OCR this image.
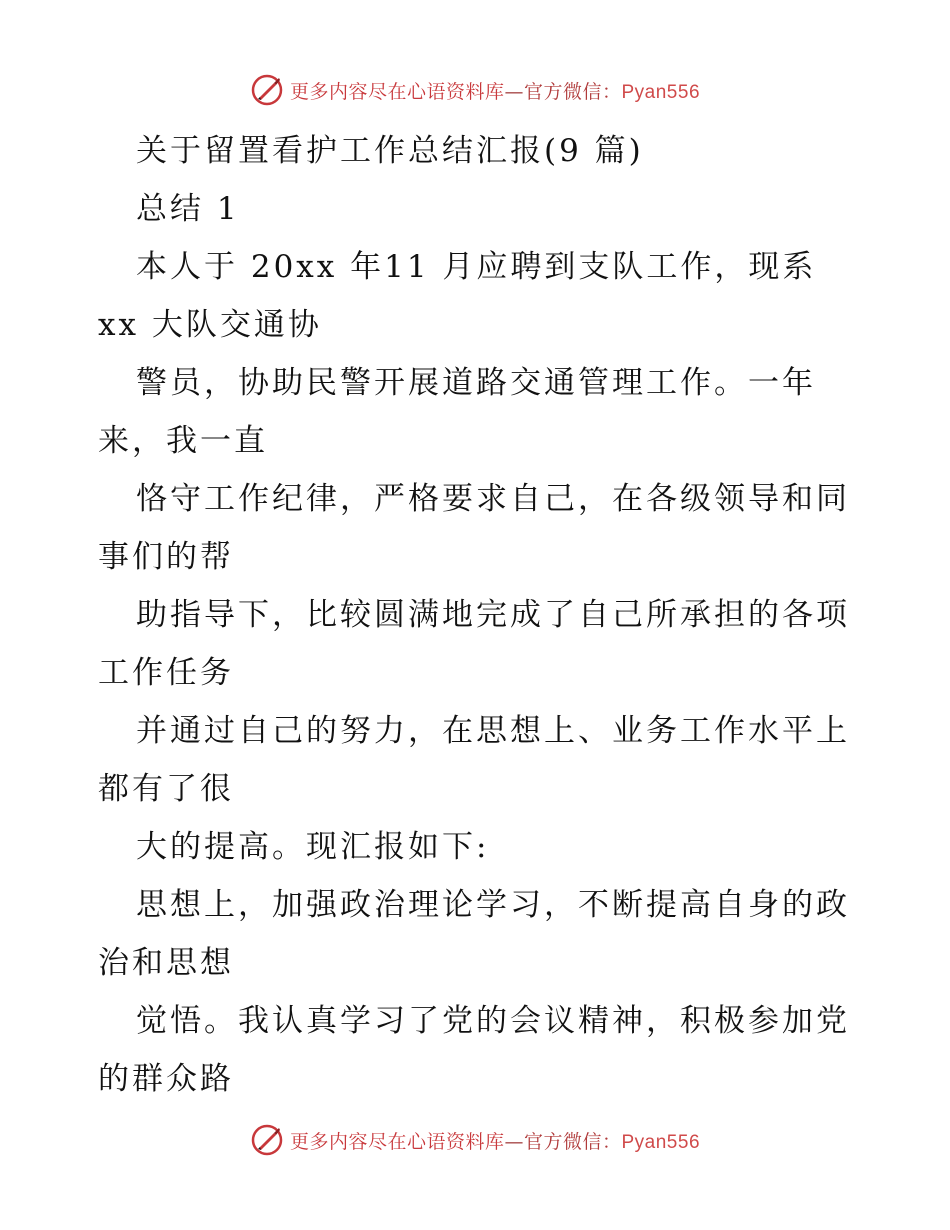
更多内容尽在心语资料库—官方微信：Pyan556
关于留置看护工作总结汇报(9 篇)
总结 1
本人于 20xx 年11 月应聘到支队工作，现系
xx 大队交通协
警员，协助民警开展道路交通管理工作。一年
来，我一直
恪守工作纪律，严格要求自己，在各级领导和同
事们的帮
助指导下，比较圆满地完成了自己所承担的各项
工作任务
并通过自己的努力，在思想上、业务工作水平上
都有了很
大的提高。现汇报如下:
思想上，加强政治理论学习，不断提高自身的政
治和思想
觉悟。我认真学习了党的会议精神，积极参加党
的群众路
更多内容尽在心语资料库—官方微信：Pyan556
